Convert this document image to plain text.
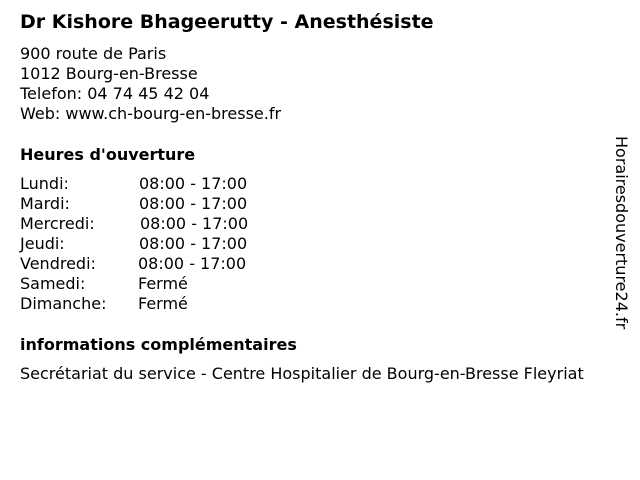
Dr Kishore Bhageerutty - Anesthésiste
900 route de Paris
1012 Bourg-en-Bresse
Telefon: 04 74 45 42 04
Web: www.ch-bourg-en-bresse.fr
Heures d'ouverture
Lundi:	08:00 - 17:00
Mardi:	08:00 - 17:00
Mercredi:	08:00 - 17:00
Jeudi:	08:00 - 17:00
Vendredi:	08:00 - 17:00
Samedi:	Fermé
Dimanche: Fermé
informations complémentaires
Secrétariat du service - Centre Hospitalier de Bourg-en-Bresse Fleyriat
Horairesdouverture24.fr
